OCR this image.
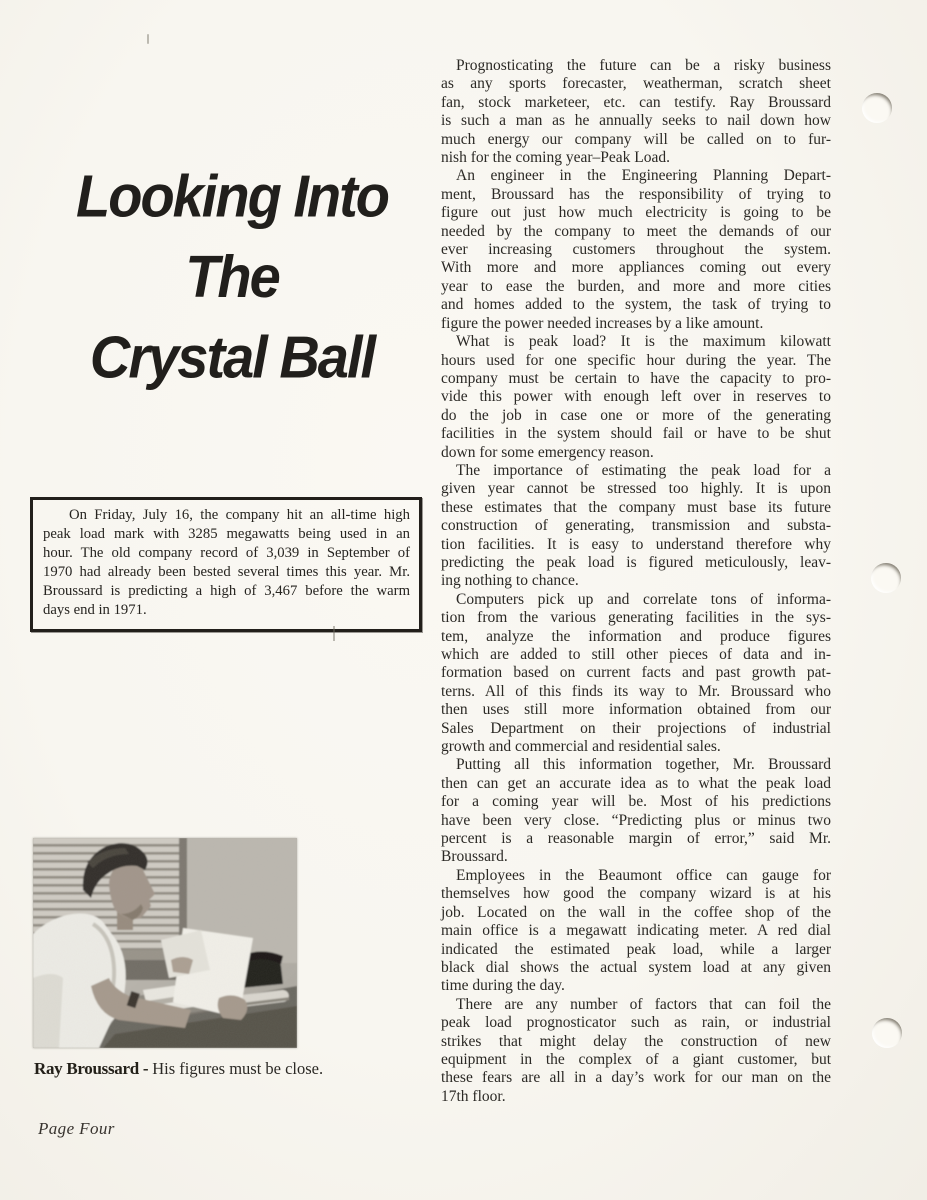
Looking Into
The
Crystal Ball
On Friday, July 16, the company hit an all-time high
peak load mark with 3285 megawatts being used in an
hour. The old company record of 3,039 in September of
1970 had already been bested several times this year. Mr.
Broussard is predicting a high of 3,467 before the warm
days end in 1971.
Prognosticating the future can be a risky business
as any sports forecaster, weatherman, scratch sheet
fan, stock marketeer, etc. can testify. Ray Broussard
is such a man as he annually seeks to nail down how
much energy our company will be called on to fur-
nish for the coming year–Peak Load.
An engineer in the Engineering Planning Depart-
ment, Broussard has the responsibility of trying to
figure out just how much electricity is going to be
needed by the company to meet the demands of our
ever increasing customers throughout the system.
With more and more appliances coming out every
year to ease the burden, and more and more cities
and homes added to the system, the task of trying to
figure the power needed increases by a like amount.
What is peak load? It is the maximum kilowatt
hours used for one specific hour during the year. The
company must be certain to have the capacity to pro-
vide this power with enough left over in reserves to
do the job in case one or more of the generating
facilities in the system should fail or have to be shut
down for some emergency reason.
The importance of estimating the peak load for a
given year cannot be stressed too highly. It is upon
these estimates that the company must base its future
construction of generating, transmission and substa-
tion facilities. It is easy to understand therefore why
predicting the peak load is figured meticulously, leav-
ing nothing to chance.
Computers pick up and correlate tons of informa-
tion from the various generating facilities in the sys-
tem, analyze the information and produce figures
which are added to still other pieces of data and in-
formation based on current facts and past growth pat-
terns. All of this finds its way to Mr. Broussard who
then uses still more information obtained from our
Sales Department on their projections of industrial
growth and commercial and residential sales.
Putting all this information together, Mr. Broussard
then can get an accurate idea as to what the peak load
for a coming year will be. Most of his predictions
have been very close. “Predicting plus or minus two
percent is a reasonable margin of error,” said Mr.
Broussard.
Employees in the Beaumont office can gauge for
themselves how good the company wizard is at his
job. Located on the wall in the coffee shop of the
main office is a megawatt indicating meter. A red dial
indicated the estimated peak load, while a larger
black dial shows the actual system load at any given
time during the day.
There are any number of factors that can foil the
peak load prognosticator such as rain, or industrial
strikes that might delay the construction of new
equipment in the complex of a giant customer, but
these fears are all in a day’s work for our man on the
17th floor.
Ray Broussard - His figures must be close.
Page Four
